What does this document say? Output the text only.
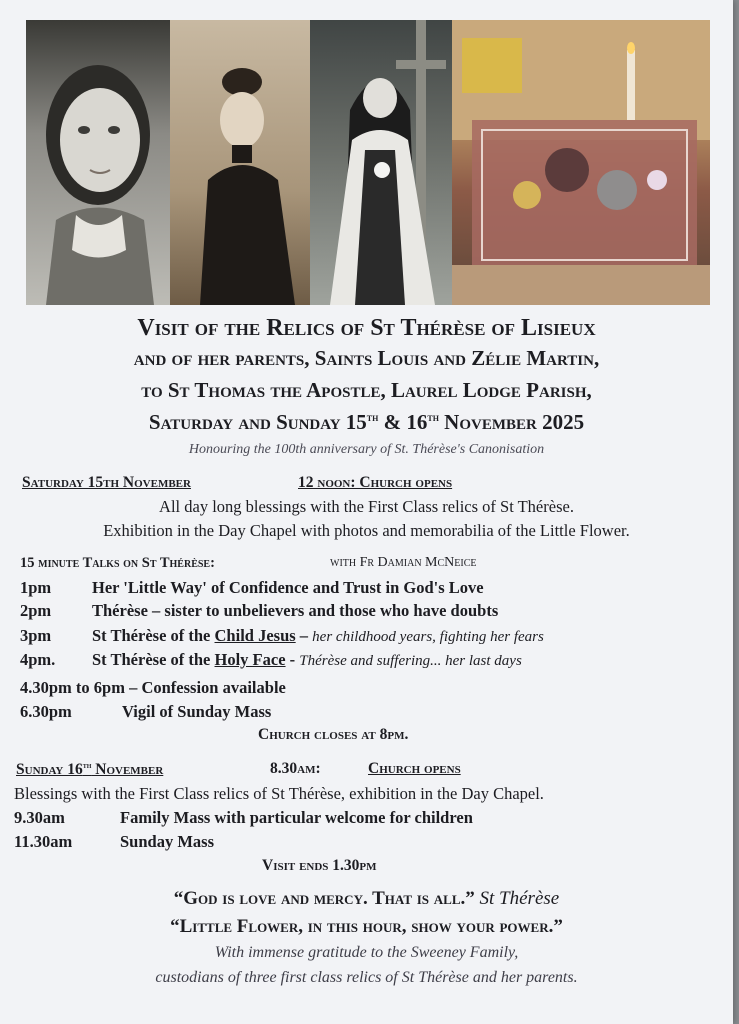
Visit of the Relics of St Thérèse of Lisieux
and of her parents, Saints Louis and Zélie Martin,
to St Thomas the Apostle, Laurel Lodge Parish,
Saturday and Sunday 15th & 16th November 2025
Honouring the 100th anniversary of St. Thérèse's Canonisation
Saturday 15th November	12 noon: Church opens
All day long blessings with the First Class relics of St Thérèse.
Exhibition in the Day Chapel with photos and memorabilia of the Little Flower.
15 minute Talks on St Thérèse:	with Fr Damian McNeice
1pm Her 'Little Way' of Confidence and Trust in God's Love
2pm Thérèse – sister to unbelievers and those who have doubts
3pm St Thérèse of the Child Jesus – her childhood years, fighting her fears
4pm. St Thérèse of the Holy Face - Thérèse and suffering... her last days
4.30pm to 6pm – Confession available
6.30pm	Vigil of Sunday Mass
Church closes at 8pm.
Sunday 16th November	8.30am:	Church opens
Blessings with the First Class relics of St Thérèse, exhibition in the Day Chapel.
9.30am	Family Mass with particular welcome for children
11.30am	Sunday Mass
Visit ends 1.30pm
“God is love and mercy. That is all.” St Thérèse
“Little Flower, in this hour, show your power.”
With immense gratitude to the Sweeney Family,
custodians of three first class relics of St Thérèse and her parents.
